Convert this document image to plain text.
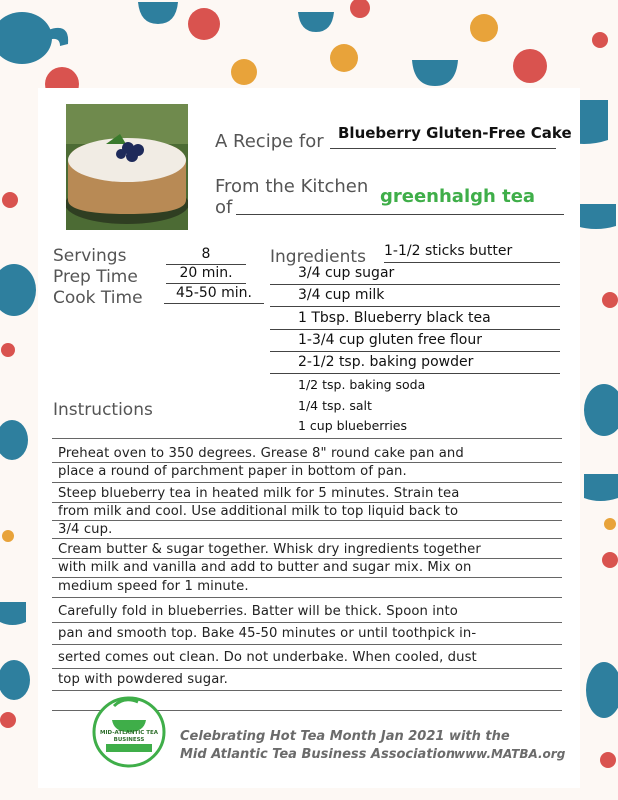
A Recipe for Blueberry Gluten-Free Cake
From the Kitchen
of
greenhalgh tea
Servings	8
Prep Time	20 min.
Cook Time	45-50 min.
Ingredients 1-1/2 sticks butter
3/4 cup sugar
3/4 cup milk
1 Tbsp. Blueberry black tea
1-3/4 cup gluten free flour
2-1/2 tsp. baking powder
1/2 tsp. baking soda
1/4 tsp. salt
1 cup blueberries
Instructions
Preheat oven to 350 degrees. Grease 8" round cake pan and
place a round of parchment paper in bottom of pan.
Steep blueberry tea in heated milk for 5 minutes. Strain tea
from milk and cool. Use additional milk to top liquid back to
3/4 cup.
Cream butter & sugar together. Whisk dry ingredients together
with milk and vanilla and add to butter and sugar mix. Mix on
medium speed for 1 minute.
Carefully fold in blueberries. Batter will be thick. Spoon into
pan and smooth top. Bake 45-50 minutes or until toothpick in-
serted comes out clean. Do not underbake. When cooled, dust
top with powdered sugar.
MID-ATLANTIC TEA BUSINESS	Celebrating Hot Tea Month Jan 2021 with the
Mid Atlantic Tea Business Association
www.MATBA.org
